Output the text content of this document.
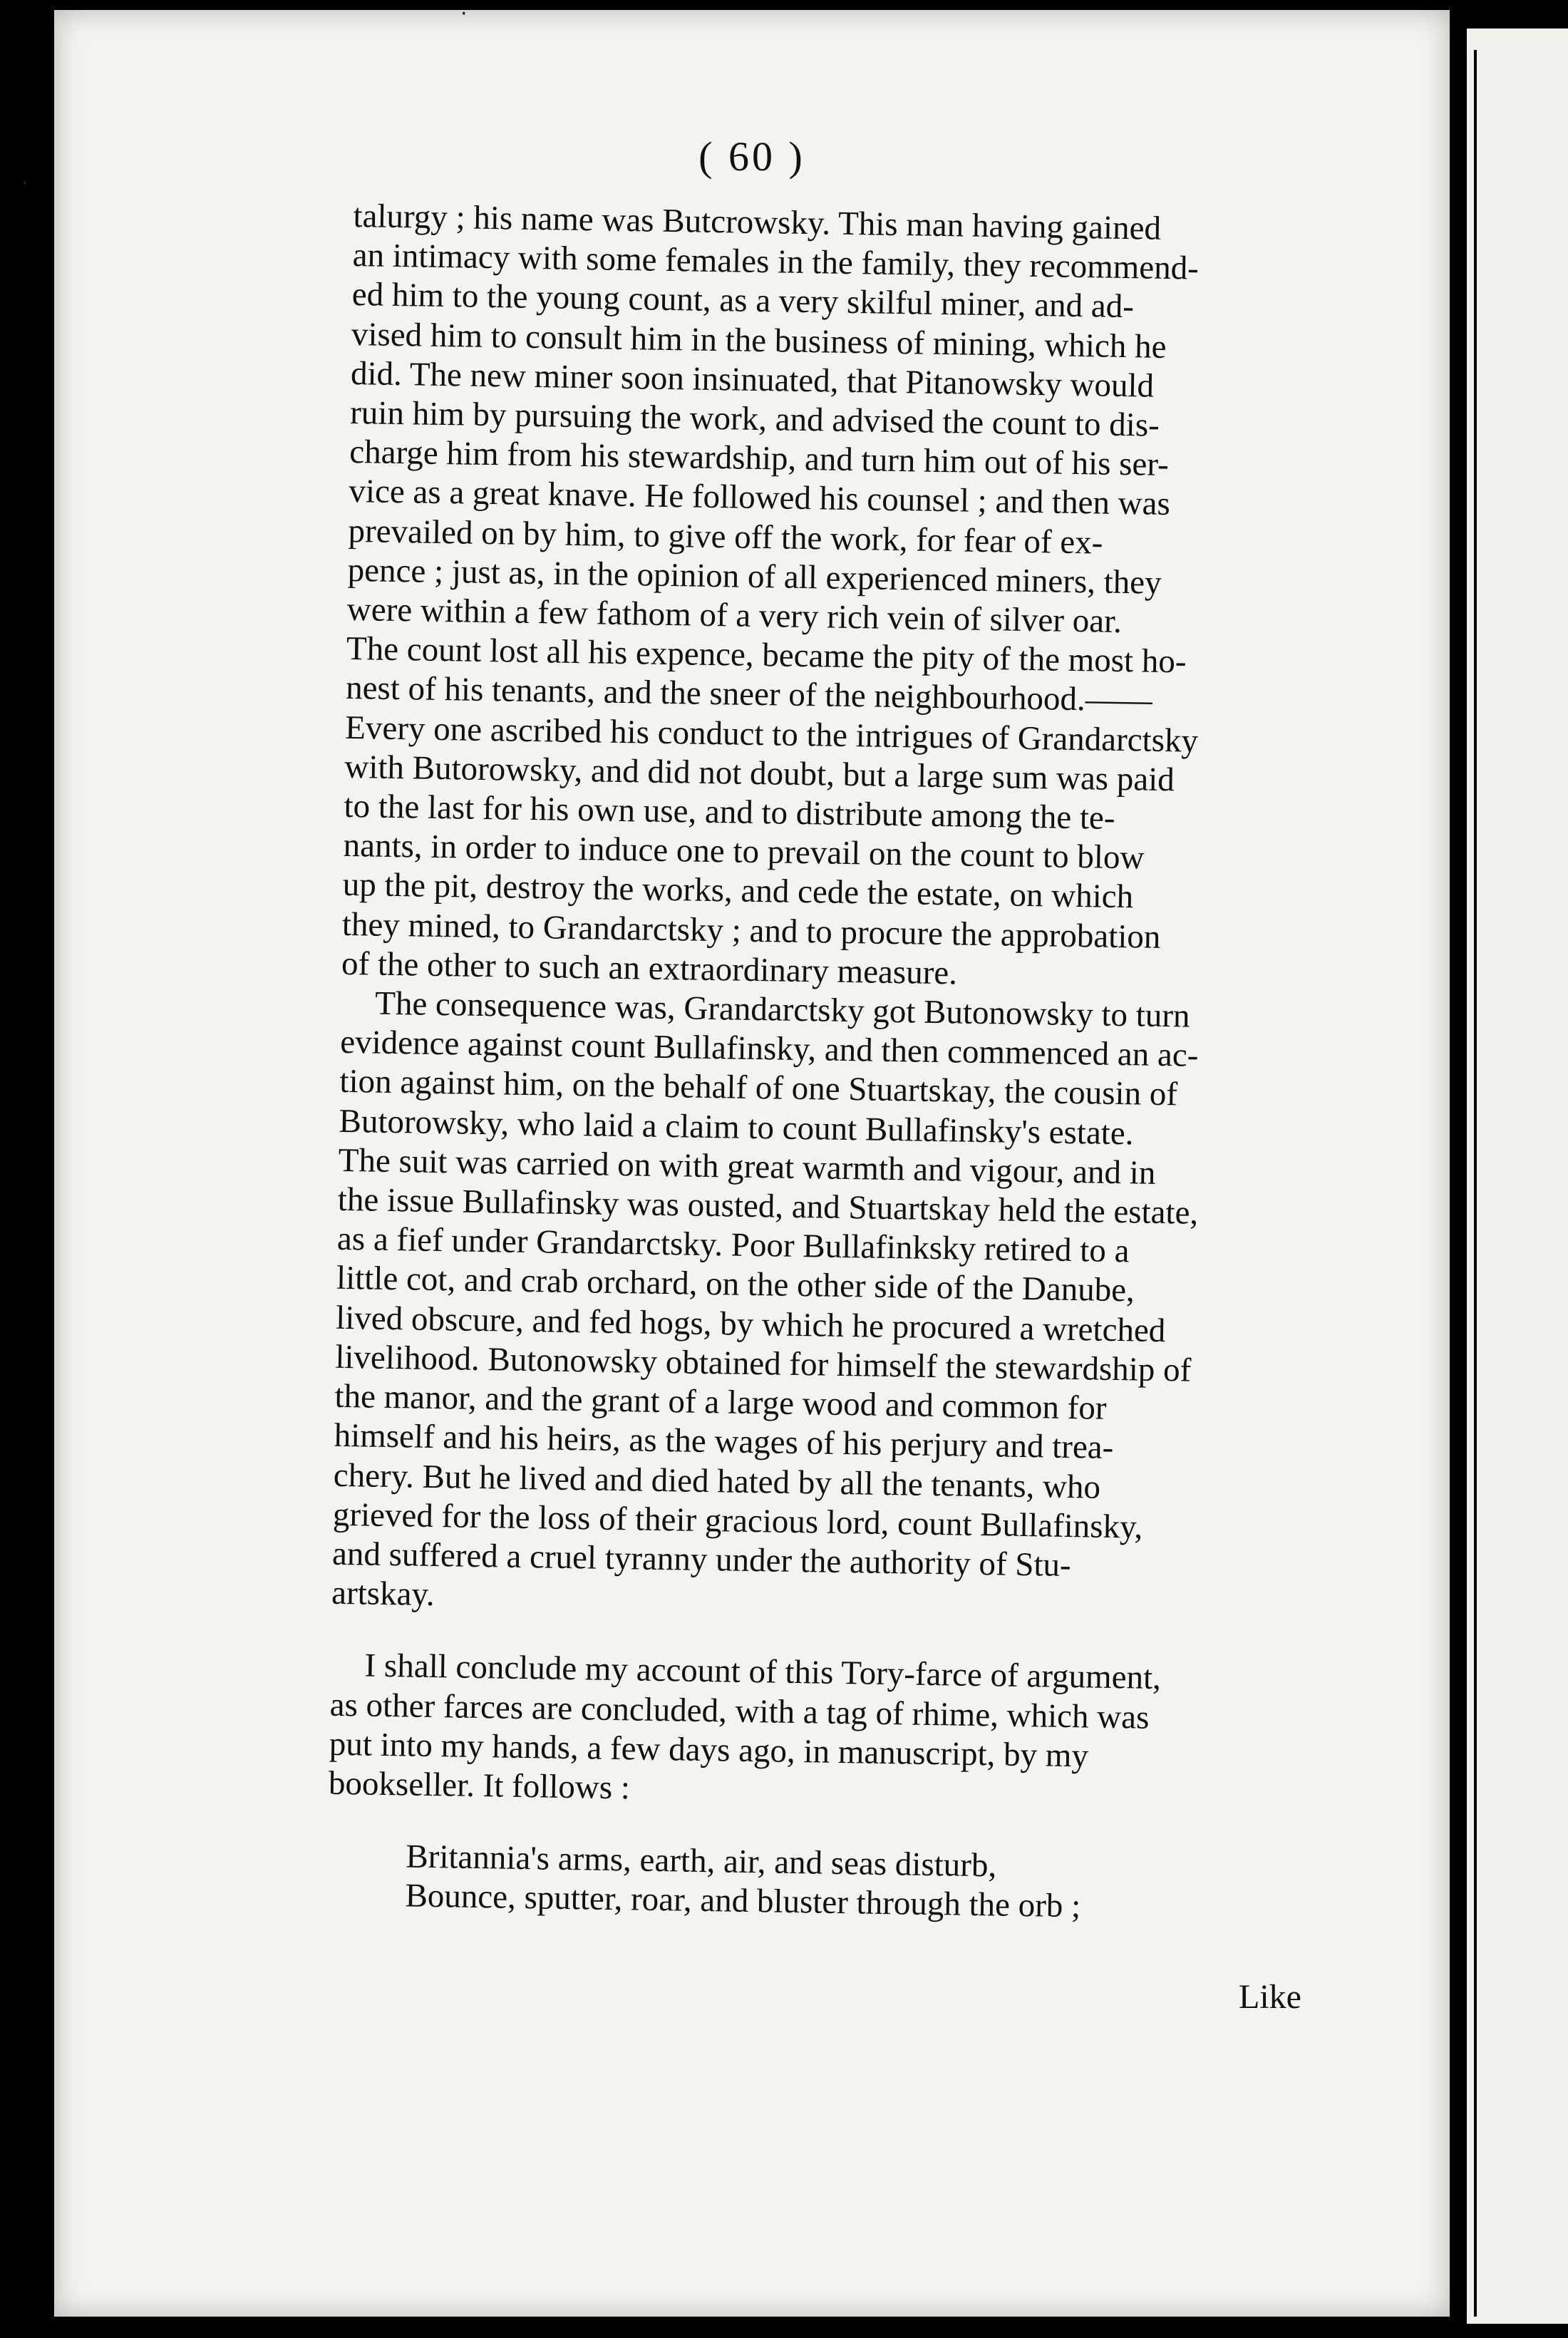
( 60 )

talurgy ; his name was Butcrowsky. This man having gained
an intimacy with some females in the family, they recommend-
ed him to the young count, as a very skilful miner, and ad-
vised him to consult him in the business of mining, which he
did. The new miner soon insinuated, that Pitanowsky would
ruin him by pursuing the work, and advised the count to dis-
charge him from his stewardship, and turn him out of his ser-
vice as a great knave. He followed his counsel ; and then was
prevailed on by him, to give off the work, for fear of ex-
pence ; just as, in the opinion of all experienced miners, they
were within a few fathom of a very rich vein of silver oar.
The count lost all his expence, became the pity of the most ho-
nest of his tenants, and the sneer of the neighbourhood.——
Every one ascribed his conduct to the intrigues of Grandarctsky
with Butorowsky, and did not doubt, but a large sum was paid
to the last for his own use, and to distribute among the te-
nants, in order to induce one to prevail on the count to blow
up the pit, destroy the works, and cede the estate, on which
they mined, to Grandarctsky ; and to procure the approbation
of the other to such an extraordinary measure.

The consequence was, Grandarctsky got Butonowsky to turn
evidence against count Bullafinsky, and then commenced an ac-
tion against him, on the behalf of one Stuartskay, the cousin of
Butorowsky, who laid a claim to count Bullafinsky's estate.
The suit was carried on with great warmth and vigour, and in
the issue Bullafinsky was ousted, and Stuartskay held the estate,
as a fief under Grandarctsky. Poor Bullafinksky retired to a
little cot, and crab orchard, on the other side of the Danube,
lived obscure, and fed hogs, by which he procured a wretched
livelihood. Butonowsky obtained for himself the stewardship of
the manor, and the grant of a large wood and common for
himself and his heirs, as the wages of his perjury and trea-
chery. But he lived and died hated by all the tenants, who
grieved for the loss of their gracious lord, count Bullafinsky,
and suffered a cruel tyranny under the authority of Stu-
artskay.

I shall conclude my account of this Tory-farce of argument,
as other farces are concluded, with a tag of rhime, which was
put into my hands, a few days ago, in manuscript, by my
bookseller. It follows :

Britannia's arms, earth, air, and seas disturb,
Bounce, sputter, roar, and bluster through the orb ;

Like
·
·
